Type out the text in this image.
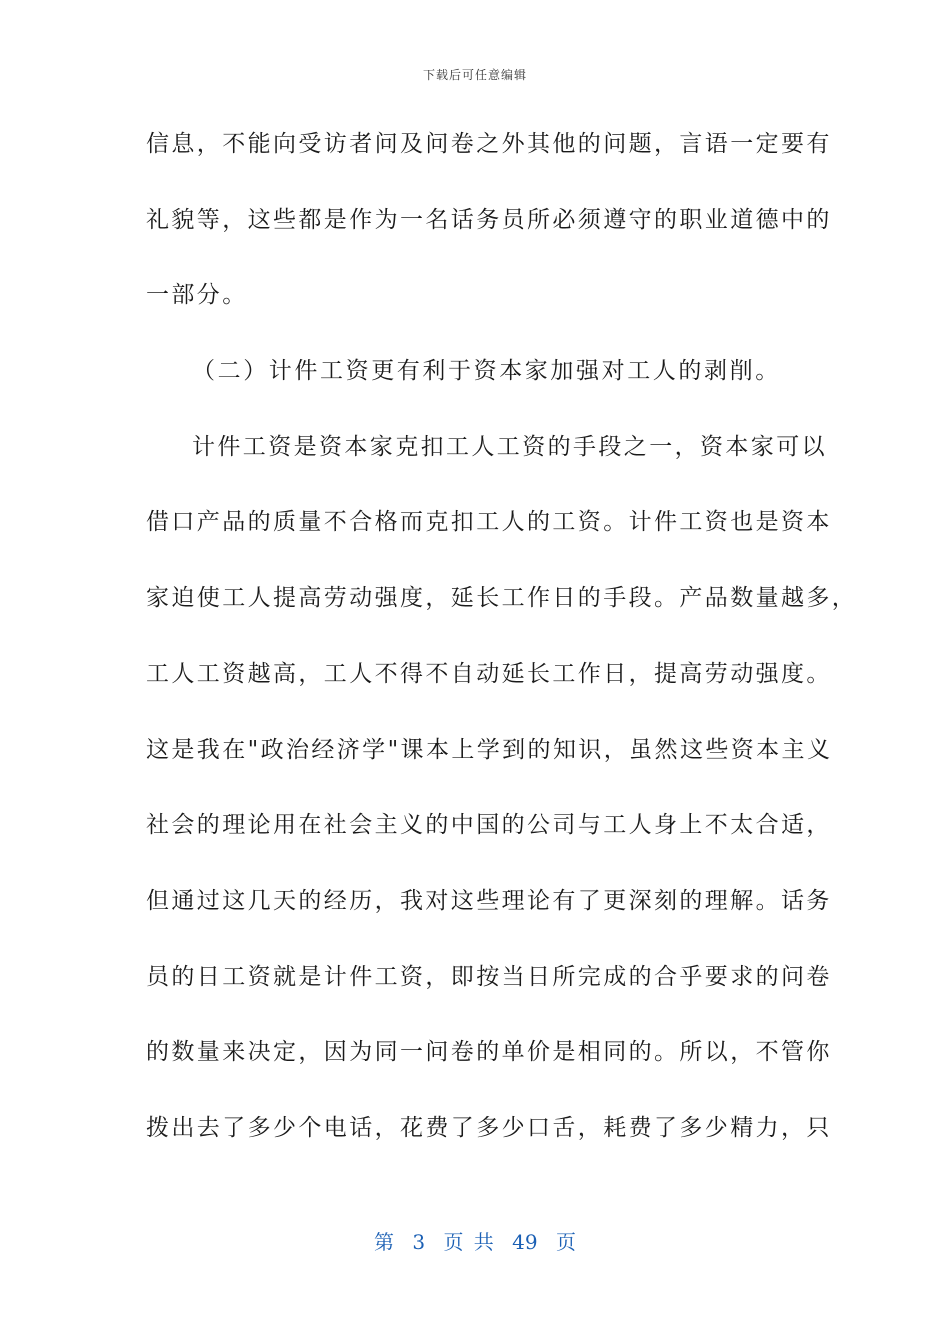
下载后可任意编辑
信息，不能向受访者问及问卷之外其他的问题，言语一定要有
礼貌等，这些都是作为一名话务员所必须遵守的职业道德中的
一部分。
（二）计件工资更有利于资本家加强对工人的剥削。
计件工资是资本家克扣工人工资的手段之一，资本家可以
借口产品的质量不合格而克扣工人的工资。计件工资也是资本
家迫使工人提高劳动强度，延长工作日的手段。产品数量越多，
工人工资越高，工人不得不自动延长工作日，提高劳动强度。
这是我在"政治经济学"课本上学到的知识，虽然这些资本主义
社会的理论用在社会主义的中国的公司与工人身上不太合适，
但通过这几天的经历，我对这些理论有了更深刻的理解。话务
员的日工资就是计件工资，即按当日所完成的合乎要求的问卷
的数量来决定，因为同一问卷的单价是相同的。所以，不管你
拨出去了多少个电话，花费了多少口舌，耗费了多少精力，只
第 3 页 共 49 页
